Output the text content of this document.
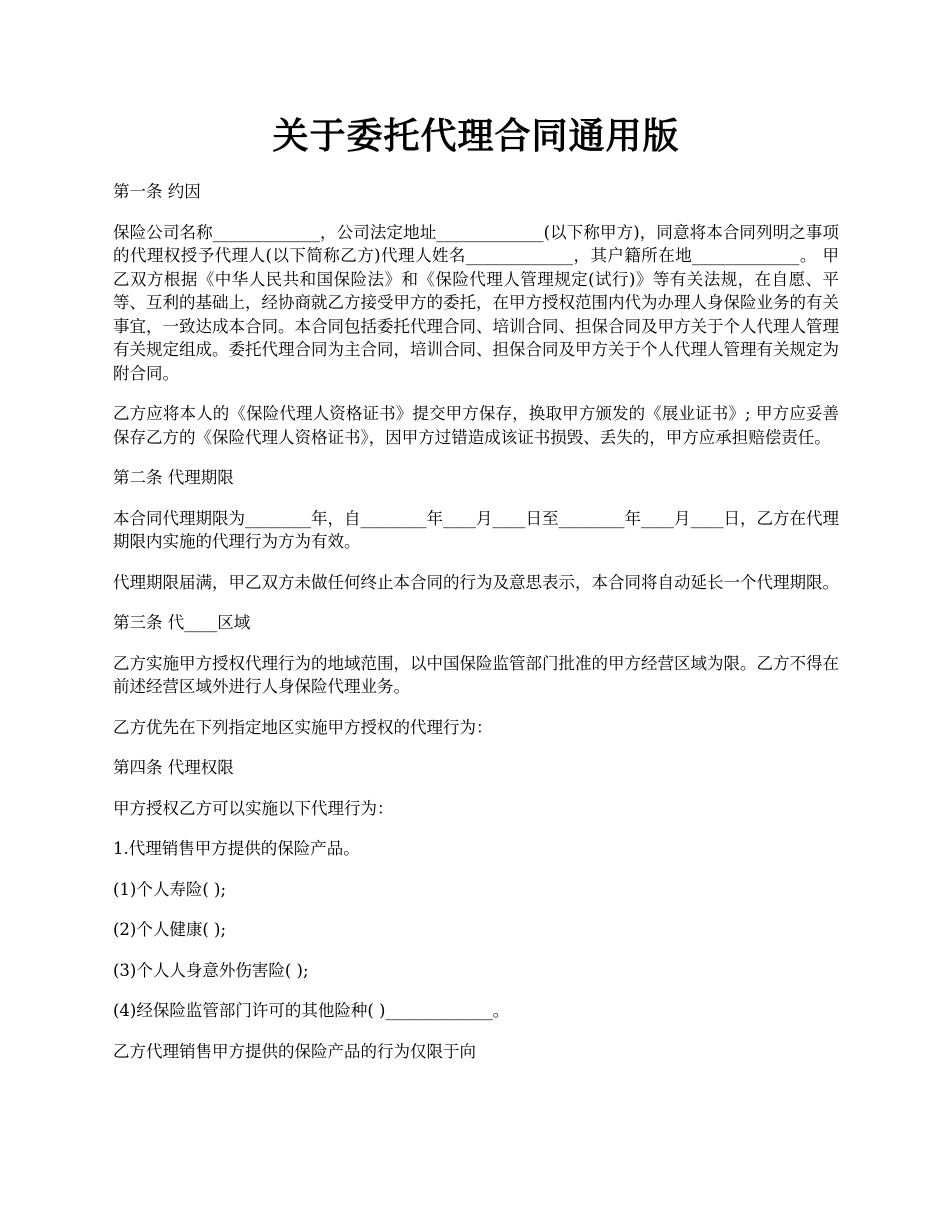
关于委托代理合同通用版

第一条 约因

保险公司名称_____________，公司法定地址_____________(以下称甲方)，同意将本合同列明之事项的代理权授予代理人(以下简称乙方)代理人姓名_____________，其户籍所在地_____________。 甲乙双方根据《中华人民共和国保险法》和《保险代理人管理规定(试行)》等有关法规，在自愿、平等、互利的基础上，经协商就乙方接受甲方的委托，在甲方授权范围内代为办理人身保险业务的有关事宜，一致达成本合同。本合同包括委托代理合同、培训合同、担保合同及甲方关于个人代理人管理有关规定组成。委托代理合同为主合同，培训合同、担保合同及甲方关于个人代理人管理有关规定为附合同。

乙方应将本人的《保险代理人资格证书》提交甲方保存，换取甲方颁发的《展业证书》; 甲方应妥善保存乙方的《保险代理人资格证书》，因甲方过错造成该证书损毁、丢失的，甲方应承担赔偿责任。

第二条 代理期限

本合同代理期限为________年，自________年____月____日至________年____月____日，乙方在代理期限内实施的代理行为方为有效。

代理期限届满，甲乙双方未做任何终止本合同的行为及意思表示，本合同将自动延长一个代理期限。

第三条 代____区域

乙方实施甲方授权代理行为的地域范围，以中国保险监管部门批准的甲方经营区域为限。乙方不得在前述经营区域外进行人身保险代理业务。

乙方优先在下列指定地区实施甲方授权的代理行为：

第四条 代理权限

甲方授权乙方可以实施以下代理行为：

1.代理销售甲方提供的保险产品。

(1)个人寿险( );

(2)个人健康( );

(3)个人人身意外伤害险( );

(4)经保险监管部门许可的其他险种( )_____________。

乙方代理销售甲方提供的保险产品的行为仅限于向
